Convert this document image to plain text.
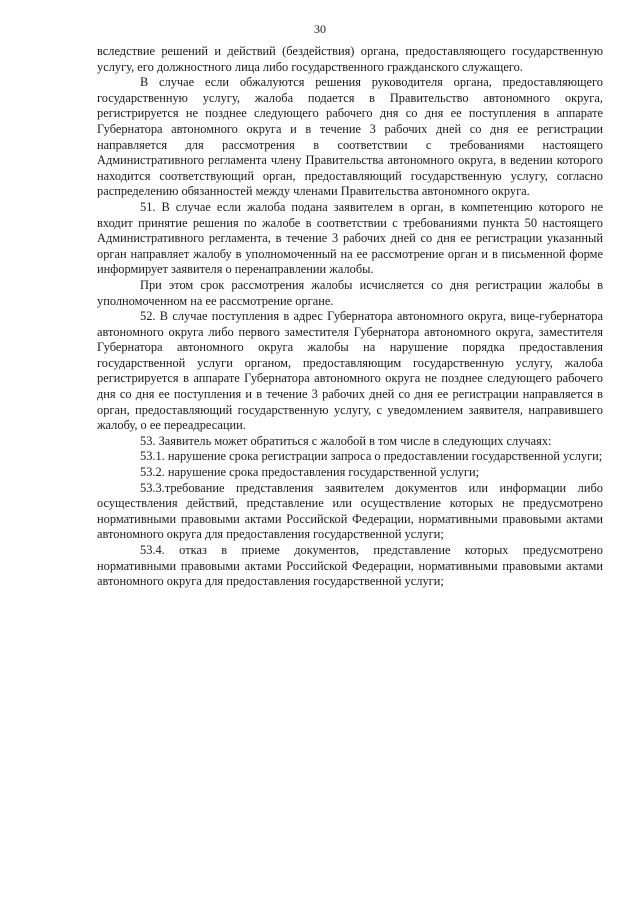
30

вследствие решений и действий (бездействия) органа, предоставляющего государственную услугу, его должностного лица либо государственного гражданского служащего.

В случае если обжалуются решения руководителя органа, предоставляющего государственную услугу, жалоба подается в Правительство автономного округа, регистрируется не позднее следующего рабочего дня со дня ее поступления в аппарате Губернатора автономного округа и в течение 3 рабочих дней со дня ее регистрации направляется для рассмотрения в соответствии с требованиями настоящего Административного регламента члену Правительства автономного округа, в ведении которого находится соответствующий орган, предоставляющий государственную услугу, согласно распределению обязанностей между членами Правительства автономного округа.

51. В случае если жалоба подана заявителем в орган, в компетенцию которого не входит принятие решения по жалобе в соответствии с требованиями пункта 50 настоящего Административного регламента, в течение 3 рабочих дней со дня ее регистрации указанный орган направляет жалобу в уполномоченный на ее рассмотрение орган и в письменной форме информирует заявителя о перенаправлении жалобы.

При этом срок рассмотрения жалобы исчисляется со дня регистрации жалобы в уполномоченном на ее рассмотрение органе.

52. В случае поступления в адрес Губернатора автономного округа, вице-губернатора автономного округа либо первого заместителя Губернатора автономного округа, заместителя Губернатора автономного округа жалобы на нарушение порядка предоставления государственной услуги органом, предоставляющим государственную услугу, жалоба регистрируется в аппарате Губернатора автономного округа не позднее следующего рабочего дня со дня ее поступления и в течение 3 рабочих дней со дня ее регистрации направляется в орган, предоставляющий государственную услугу, с уведомлением заявителя, направившего жалобу, о ее переадресации.

53. Заявитель может обратиться с жалобой в том числе в следующих случаях:

53.1. нарушение срока регистрации запроса о предоставлении государственной услуги;

53.2. нарушение срока предоставления государственной услуги;

53.3.требование представления заявителем документов или информации либо осуществления действий, представление или осуществление которых не предусмотрено нормативными правовыми актами Российской Федерации, нормативными правовыми актами автономного округа для предоставления государственной услуги;

53.4. отказ в приеме документов, представление которых предусмотрено нормативными правовыми актами Российской Федерации, нормативными правовыми актами автономного округа для предоставления государственной услуги;
